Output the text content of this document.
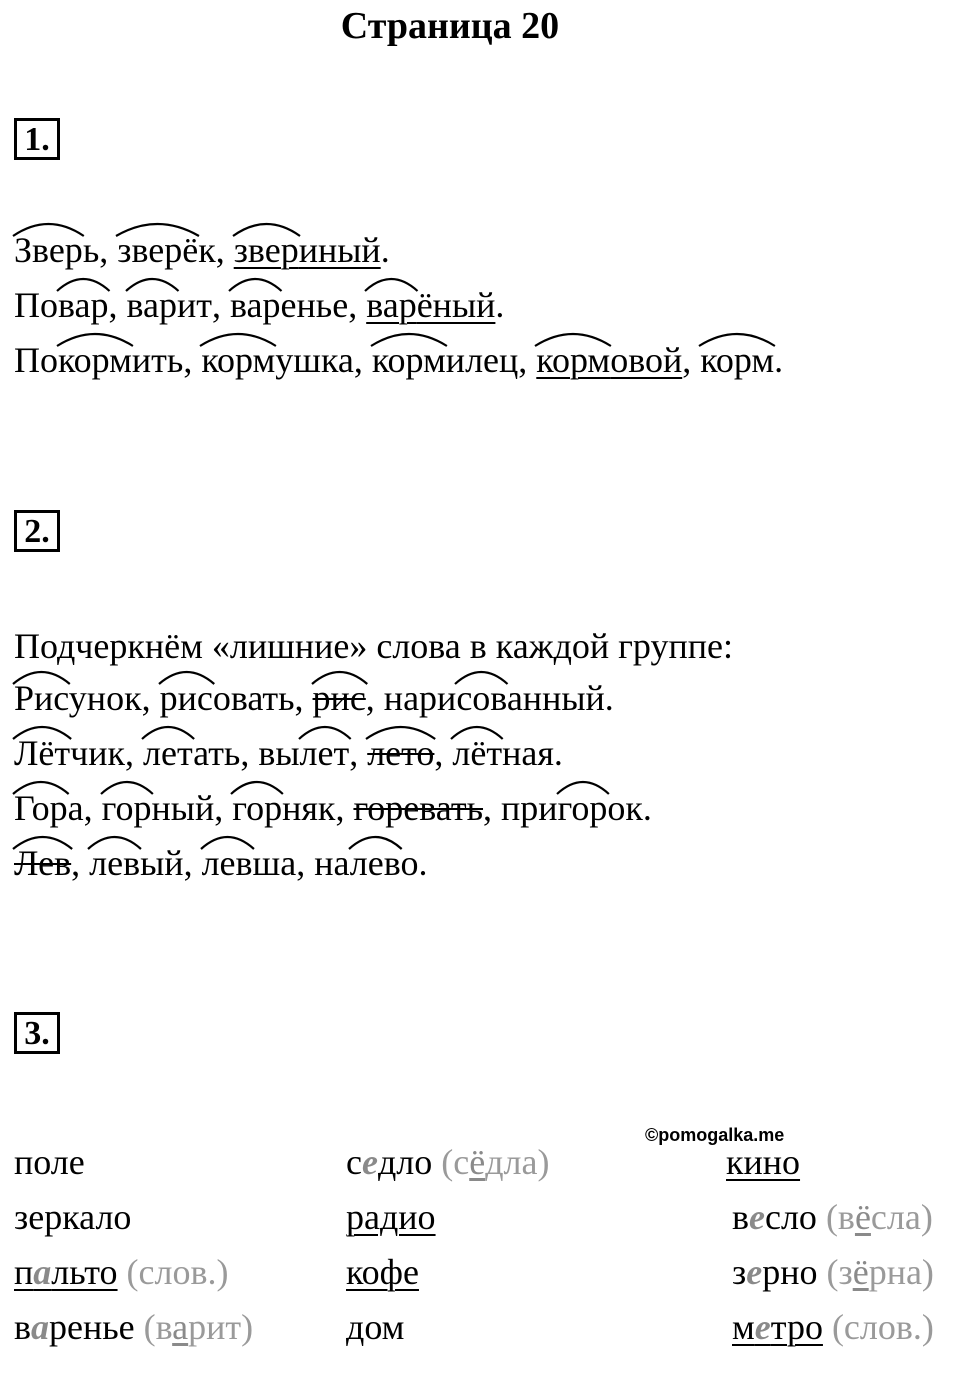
Страница 20
1.
Зверь, зверёк, звериный.
Повар, варит, варенье, варёный.
Покормить, кормушка, кормилец, кормовой, корм.
2.
Подчеркнём «лишние» слова в каждой группе:
Рисунок, рисовать, рис, нарисованный.
Лётчик, летать, вылет, лето, лётная.
Гора, горный, горняк, горевать, пригорок.
Лев, левый, левша, налево.
3.
поле
зеркало
пальто (слов.)
варенье (варит)
седло (сёдла)
радио
кофе
дом
кино
весло (вёсла)
зерно (зёрна)
метро (слов.)
©pomogalka.me
